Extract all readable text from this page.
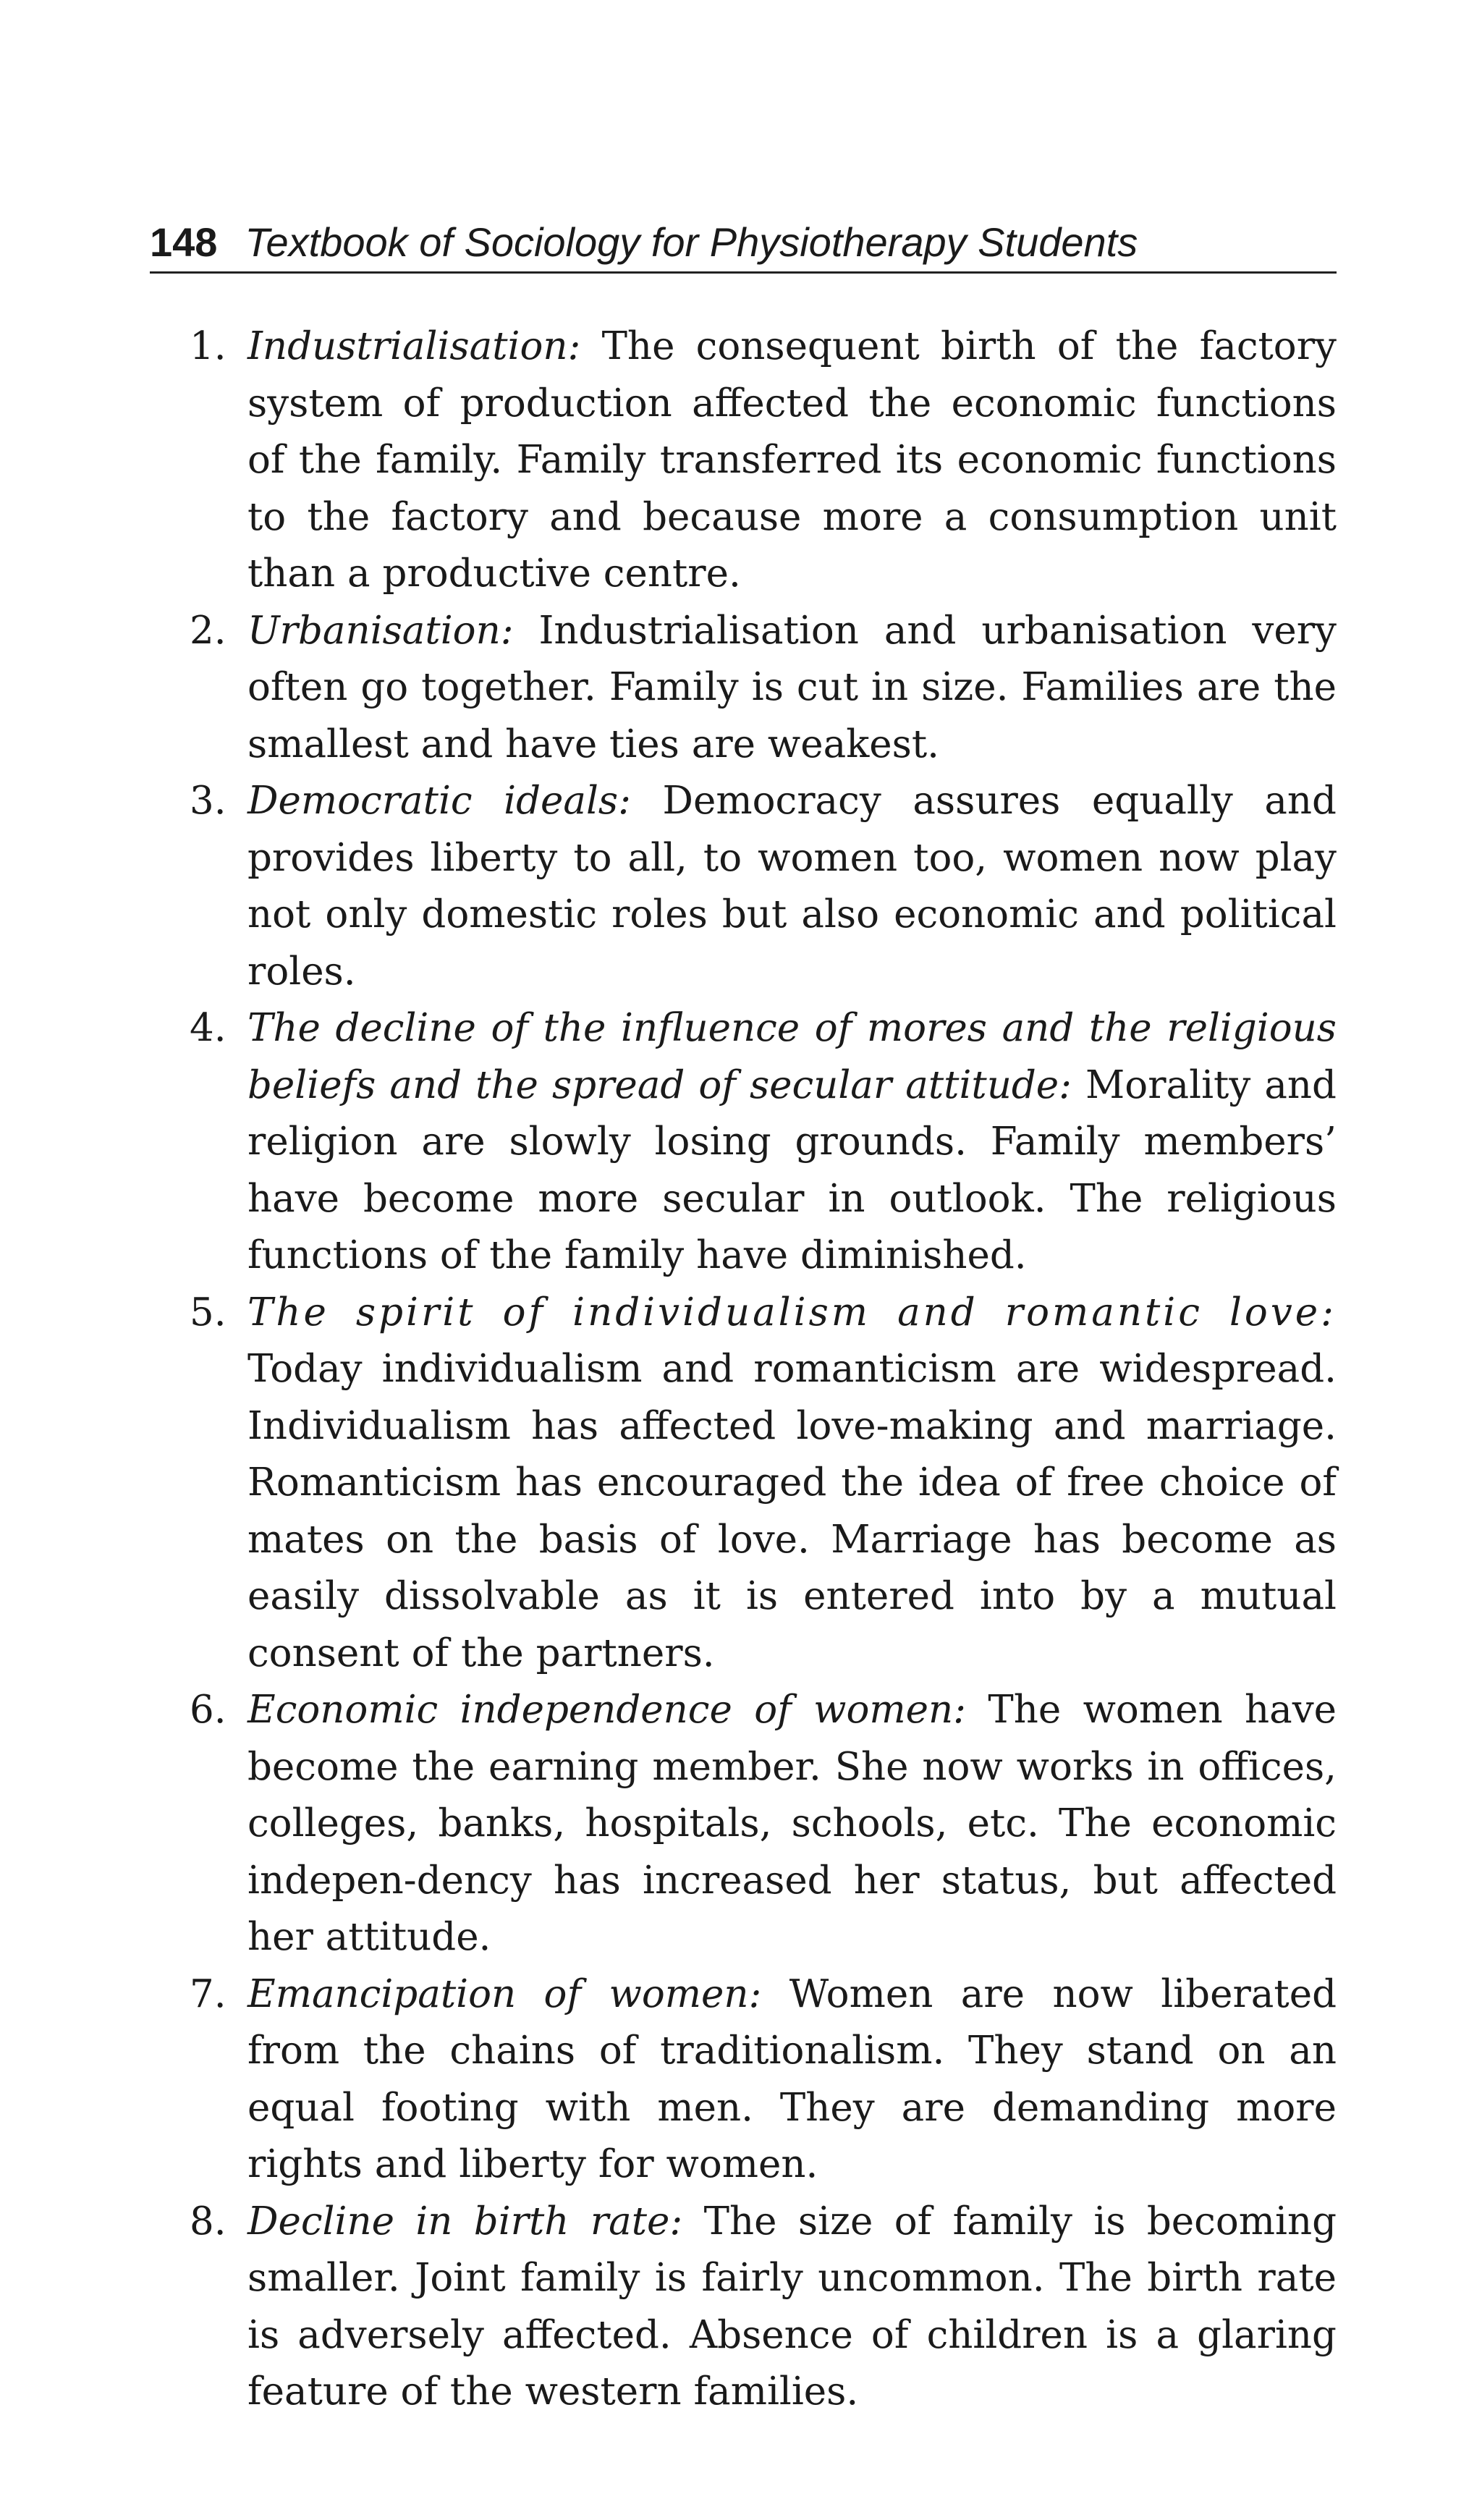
148 Textbook of Sociology for Physiotherapy Students
1. Industrialisation: The consequent birth of the factory system of production affected the economic functions of the family. Family transferred its economic functions to the factory and because more a consumption unit than a productive centre.
2. Urbanisation: Industrialisation and urbanisation very often go together. Family is cut in size. Families are the smallest and have ties are weakest.
3. Democratic ideals: Democracy assures equally and provides liberty to all, to women too, women now play not only domestic roles but also economic and political roles.
4. The decline of the influence of mores and the religious beliefs and the spread of secular attitude: Morality and religion are slowly losing grounds. Family members’ have become more secular in outlook. The religious functions of the family have diminished.
5. The spirit of individualism and romantic love: Today individualism and romanticism are widespread. Individualism has affected love-making and marriage. Romanticism has encouraged the idea of free choice of mates on the basis of love. Marriage has become as easily dissolvable as it is entered into by a mutual consent of the partners.
6. Economic independence of women: The women have become the earning member. She now works in offices, colleges, banks, hospitals, schools, etc. The economic indepen-dency has increased her status, but affected her attitude.
7. Emancipation of women: Women are now liberated from the chains of traditionalism. They stand on an equal footing with men. They are demanding more rights and liberty for women.
8. Decline in birth rate: The size of family is becoming smaller. Joint family is fairly uncommon. The birth rate is adversely affected. Absence of children is a glaring feature of the western families.
